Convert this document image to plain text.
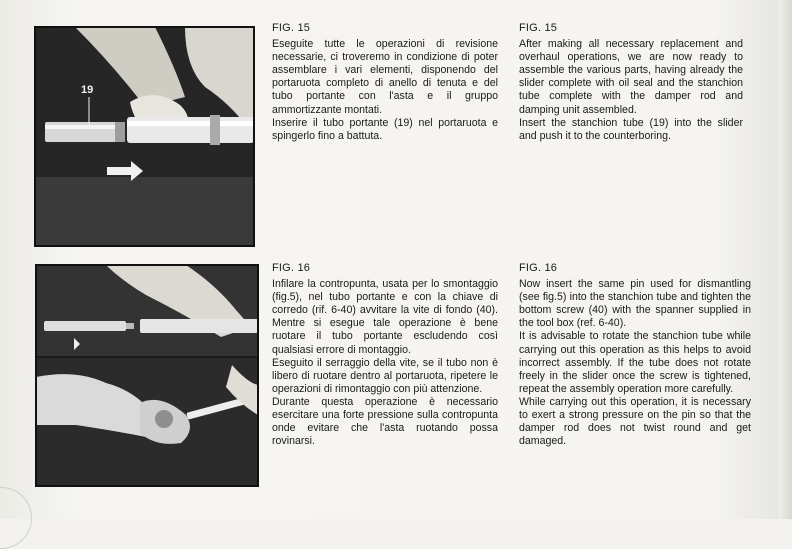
19

FIG. 15

Eseguite tutte le operazioni di revisione necessarie, ci troveremo in condizione di poter assemblare i vari elementi, disponendo del portaruota completo di anello di tenuta e del tubo portante con l'asta e il gruppo ammortizzante montati.

Inserire il tubo portante (19) nel portaruota e spingerlo fino a battuta.

FIG. 15

After making all necessary replacement and overhaul operations, we are now ready to assemble the various parts, having already the slider complete with oil seal and the stanchion tube complete with the damper rod and damping unit assembled.

Insert the stanchion tube (19) into the slider and push it to the counterboring.

FIG. 16

Infilare la contropunta, usata per lo smontaggio (fig.5), nel tubo portante e con la chiave di corredo (rif. 6-40) avvitare la vite di fondo (40). Mentre si esegue tale operazione è bene ruotare il tubo portante escludendo così qualsiasi errore di montaggio.

Eseguito il serraggio della vite, se il tubo non è libero di ruotare dentro al portaruota, ripetere le operazioni di rimontaggio con più attenzione.

Durante questa operazione è necessario esercitare una forte pressione sulla contropunta onde evitare che l'asta ruotando possa rovinarsi.

FIG. 16

Now insert the same pin used for dismantling (see fig.5) into the stanchion tube and tighten the bottom screw (40) with the spanner supplied in the tool box (ref. 6-40).

It is advisable to rotate the stanchion tube while carrying out this operation as this helps to avoid incorrect assembly. If the tube does not rotate freely in the slider once the screw is tightened, repeat the assembly operation more carefully.

While carrying out this operation, it is necessary to exert a strong pressure on the pin so that the damper rod does not twist round and get damaged.
